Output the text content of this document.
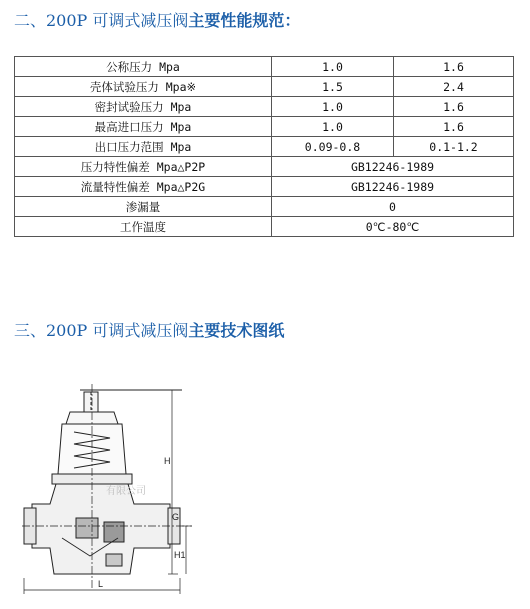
二、200P 可调式减压阀主要性能规范：
公称压力 Mpa	1.0	1.6
壳体试验压力 Mpa※	1.5	2.4
密封试验压力 Mpa	1.0	1.6
最高进口压力 Mpa	1.0	1.6
出口压力范围 Mpa	0.09-0.8	0.1-1.2
压力特性偏差 Mpa△P2P	GB12246-1989	
流量特性偏差 Mpa△P2G	GB12246-1989	
渗漏量	0	
工作温度	0℃-80℃	
三、200P 可调式减压阀主要技术图纸
H
H1
G
L
有限公司
